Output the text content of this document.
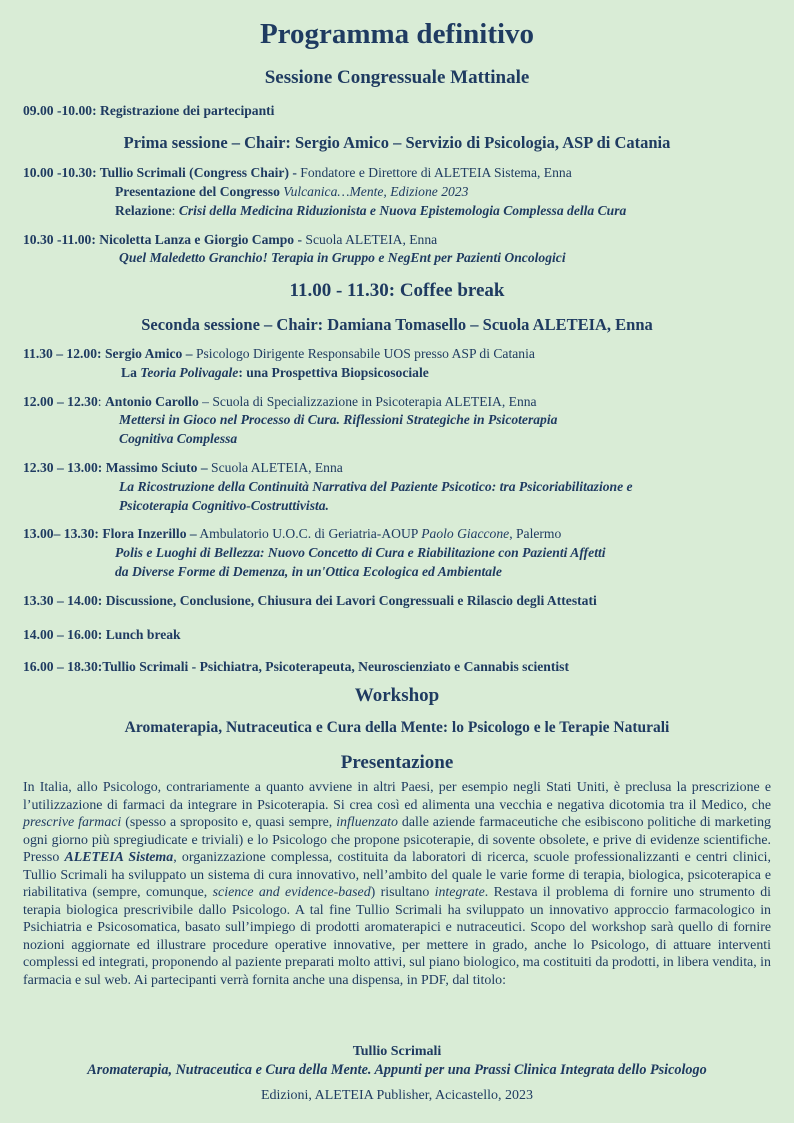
Programma definitivo
Sessione Congressuale Mattinale
09.00 -10.00: Registrazione dei partecipanti
Prima sessione – Chair: Sergio Amico – Servizio di Psicologia, ASP di Catania
10.00 -10.30: Tullio Scrimali (Congress Chair) - Fondatore e Direttore di ALETEIA Sistema, Enna
Presentazione del Congresso Vulcanica…Mente, Edizione 2023
Relazione: Crisi della Medicina Riduzionista e Nuova Epistemologia Complessa della Cura
10.30 -11.00: Nicoletta Lanza e Giorgio Campo - Scuola ALETEIA, Enna
Quel Maledetto Granchio! Terapia in Gruppo e NegEnt per Pazienti Oncologici
11.00 - 11.30: Coffee break
Seconda sessione – Chair: Damiana Tomasello – Scuola ALETEIA, Enna
11.30 – 12.00: Sergio Amico – Psicologo Dirigente Responsabile UOS presso ASP di Catania
La Teoria Polivagale: una Prospettiva Biopsicosociale
12.00 – 12.30: Antonio Carollo – Scuola di Specializzazione in Psicoterapia ALETEIA, Enna
Mettersi in Gioco nel Processo di Cura. Riflessioni Strategiche in Psicoterapia
Cognitiva Complessa
12.30 – 13.00: Massimo Sciuto – Scuola ALETEIA, Enna
La Ricostruzione della Continuità Narrativa del Paziente Psicotico: tra Psicoriabilitazione e
Psicoterapia Cognitivo-Costruttivista.
13.00– 13.30: Flora Inzerillo – Ambulatorio U.O.C. di Geriatria-AOUP Paolo Giaccone, Palermo
Polis e Luoghi di Bellezza: Nuovo Concetto di Cura e Riabilitazione con Pazienti Affetti
da Diverse Forme di Demenza, in un'Ottica Ecologica ed Ambientale
13.30 – 14.00: Discussione, Conclusione, Chiusura dei Lavori Congressuali e Rilascio degli Attestati
14.00 – 16.00: Lunch break
16.00 – 18.30:Tullio Scrimali - Psichiatra, Psicoterapeuta, Neuroscienziato e Cannabis scientist
Workshop
Aromaterapia, Nutraceutica e Cura della Mente: lo Psicologo e le Terapie Naturali
Presentazione
In Italia, allo Psicologo, contrariamente a quanto avviene in altri Paesi, per esempio negli Stati Uniti, è preclusa la prescrizione e l’utilizzazione di farmaci da integrare in Psicoterapia. Si crea così ed alimenta una vecchia e negativa dicotomia tra il Medico, che prescrive farmaci (spesso a sproposito e, quasi sempre, influenzato dalle aziende farmaceutiche che esibiscono politiche di marketing ogni giorno più spregiudicate e triviali) e lo Psicologo che propone psicoterapie, di sovente obsolete, e prive di evidenze scientifiche. Presso ALETEIA Sistema, organizzazione complessa, costituita da laboratori di ricerca, scuole professionalizzanti e centri clinici, Tullio Scrimali ha sviluppato un sistema di cura innovativo, nell’ambito del quale le varie forme di terapia, biologica, psicoterapica e riabilitativa (sempre, comunque, science and evidence-based) risultano integrate. Restava il problema di fornire uno strumento di terapia biologica prescrivibile dallo Psicologo. A tal fine Tullio Scrimali ha sviluppato un innovativo approccio farmacologico in Psichiatria e Psicosomatica, basato sull’impiego di prodotti aromaterapici e nutraceutici. Scopo del workshop sarà quello di fornire nozioni aggiornate ed illustrare procedure operative innovative, per mettere in grado, anche lo Psicologo, di attuare interventi complessi ed integrati, proponendo al paziente preparati molto attivi, sul piano biologico, ma costituiti da prodotti, in libera vendita, in farmacia e sul web. Ai partecipanti verrà fornita anche una dispensa, in PDF, dal titolo:
Tullio Scrimali
Aromaterapia, Nutraceutica e Cura della Mente. Appunti per una Prassi Clinica Integrata dello Psicologo
Edizioni, ALETEIA Publisher, Acicastello, 2023
